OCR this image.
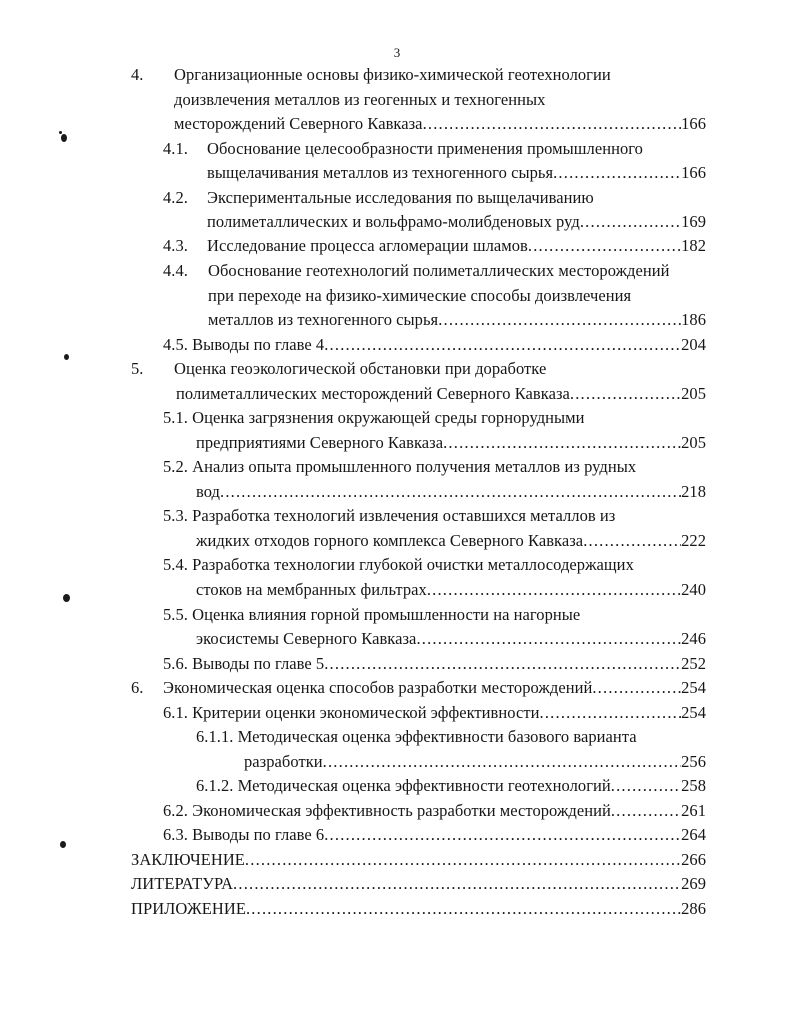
3
4. Организационные основы физико-химической геотехнологии
доизвлечения металлов из геогенных и техногенных
месторождений Северного Кавказа .....	166
4.1. Обоснование целесообразности применения промышленного
выщелачивания металлов из техногенного сырья .....	166
4.2. Экспериментальные исследования по выщелачиванию
полиметаллических и вольфрамо-молибденовых руд .....	169
4.3. Исследование процесса агломерации шламов .....	182
4.4. Обоснование геотехнологий полиметаллических месторождений
при переходе на физико-химические способы доизвлечения
металлов из техногенного сырья .....	186
4.5. Выводы по главе 4 .....	204
5. Оценка геоэкологической обстановки при доработке
полиметаллических месторождений Северного Кавказа .....	205
5.1. Оценка загрязнения окружающей среды горнорудными
предприятиями Северного Кавказа .....	205
5.2. Анализ опыта промышленного получения металлов из рудных
вод .....	218
5.3. Разработка технологий извлечения оставшихся металлов из
жидких отходов горного комплекса Северного Кавказа .....	222
5.4. Разработка технологии глубокой очистки металлосодержащих
стоков на мембранных фильтрах .....	240
5.5. Оценка влияния горной промышленности на нагорные
экосистемы Северного Кавказа .....	246
5.6. Выводы по главе 5 .....	252
6. Экономическая оценка способов разработки месторождений .....	254
6.1. Критерии оценки экономической эффективности .....	254
6.1.1. Методическая оценка эффективности базового варианта
разработки .....	256
6.1.2. Методическая оценка эффективности геотехнологий .....	258
6.2. Экономическая эффективность разработки месторождений .....	261
6.3. Выводы по главе 6 .....	264
ЗАКЛЮЧЕНИЕ .....	266
ЛИТЕРАТУРА .....	269
ПРИЛОЖЕНИЕ .....	286
